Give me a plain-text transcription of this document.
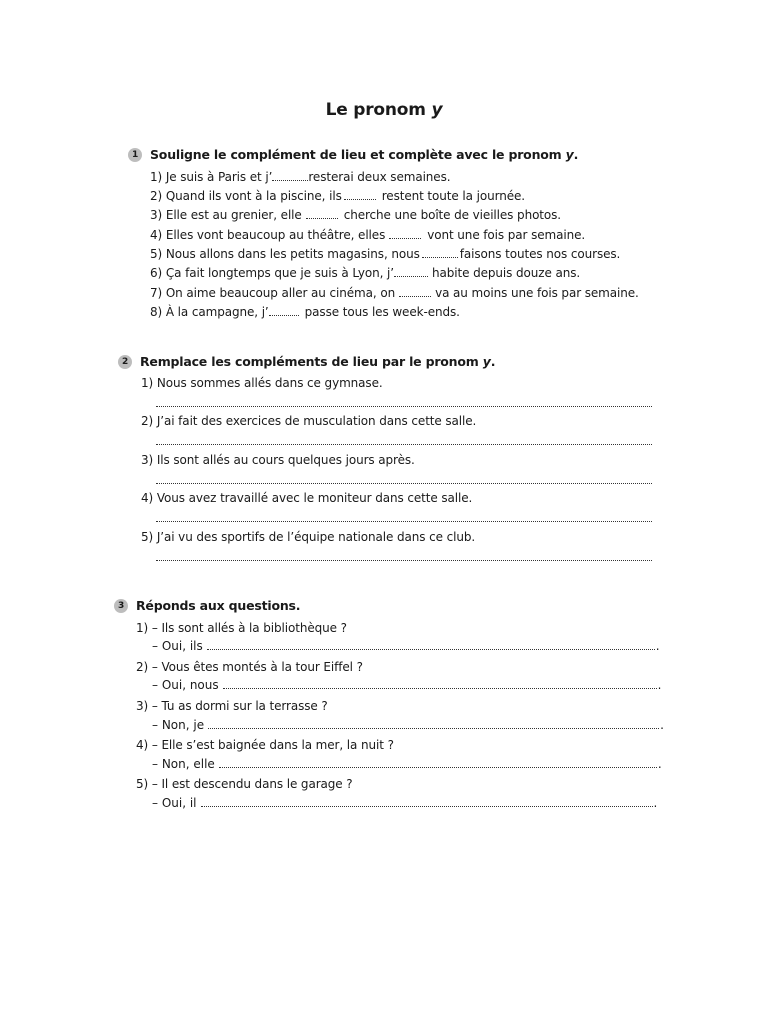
Le pronom y
1 Souligne le complément de lieu et complète avec le pronom
y .
1) Je suis à Paris et j’	resterai deux semaines.
2) Quand ils vont à la piscine, ils	restent toute la journée.
3) Elle est au grenier, elle	cherche une boîte de vieilles photos.
4) Elles vont beaucoup au théâtre, elles	vont une fois par semaine.
5) Nous allons dans les petits magasins, nous	faisons toutes nos courses.
6) Ça fait longtemps que je suis à Lyon, j’	habite depuis douze ans.
7) On aime beaucoup aller au cinéma, on	va au moins une fois par semaine.
8) À la campagne, j’	passe tous les week-ends.
2 Remplace les compléments de lieu par le pronom
y .
1) Nous sommes allés dans ce gymnase.
2) J’ai fait des exercices de musculation dans cette salle.
3) Ils sont allés au cours quelques jours après.
4) Vous avez travaillé avec le moniteur dans cette salle.
5) J’ai vu des sportifs de l’équipe nationale dans ce club.
3 Réponds aux questions.
1) – Ils sont allés à la bibliothèque ?
– Oui, ils	.
2) – Vous êtes montés à la tour Eiffel ?
– Oui, nous	.
3) – Tu as dormi sur la terrasse ?
– Non, je	.
4) – Elle s’est baignée dans la mer, la nuit ?
– Non, elle	.
5) – Il est descendu dans le garage ?
– Oui, il	.
